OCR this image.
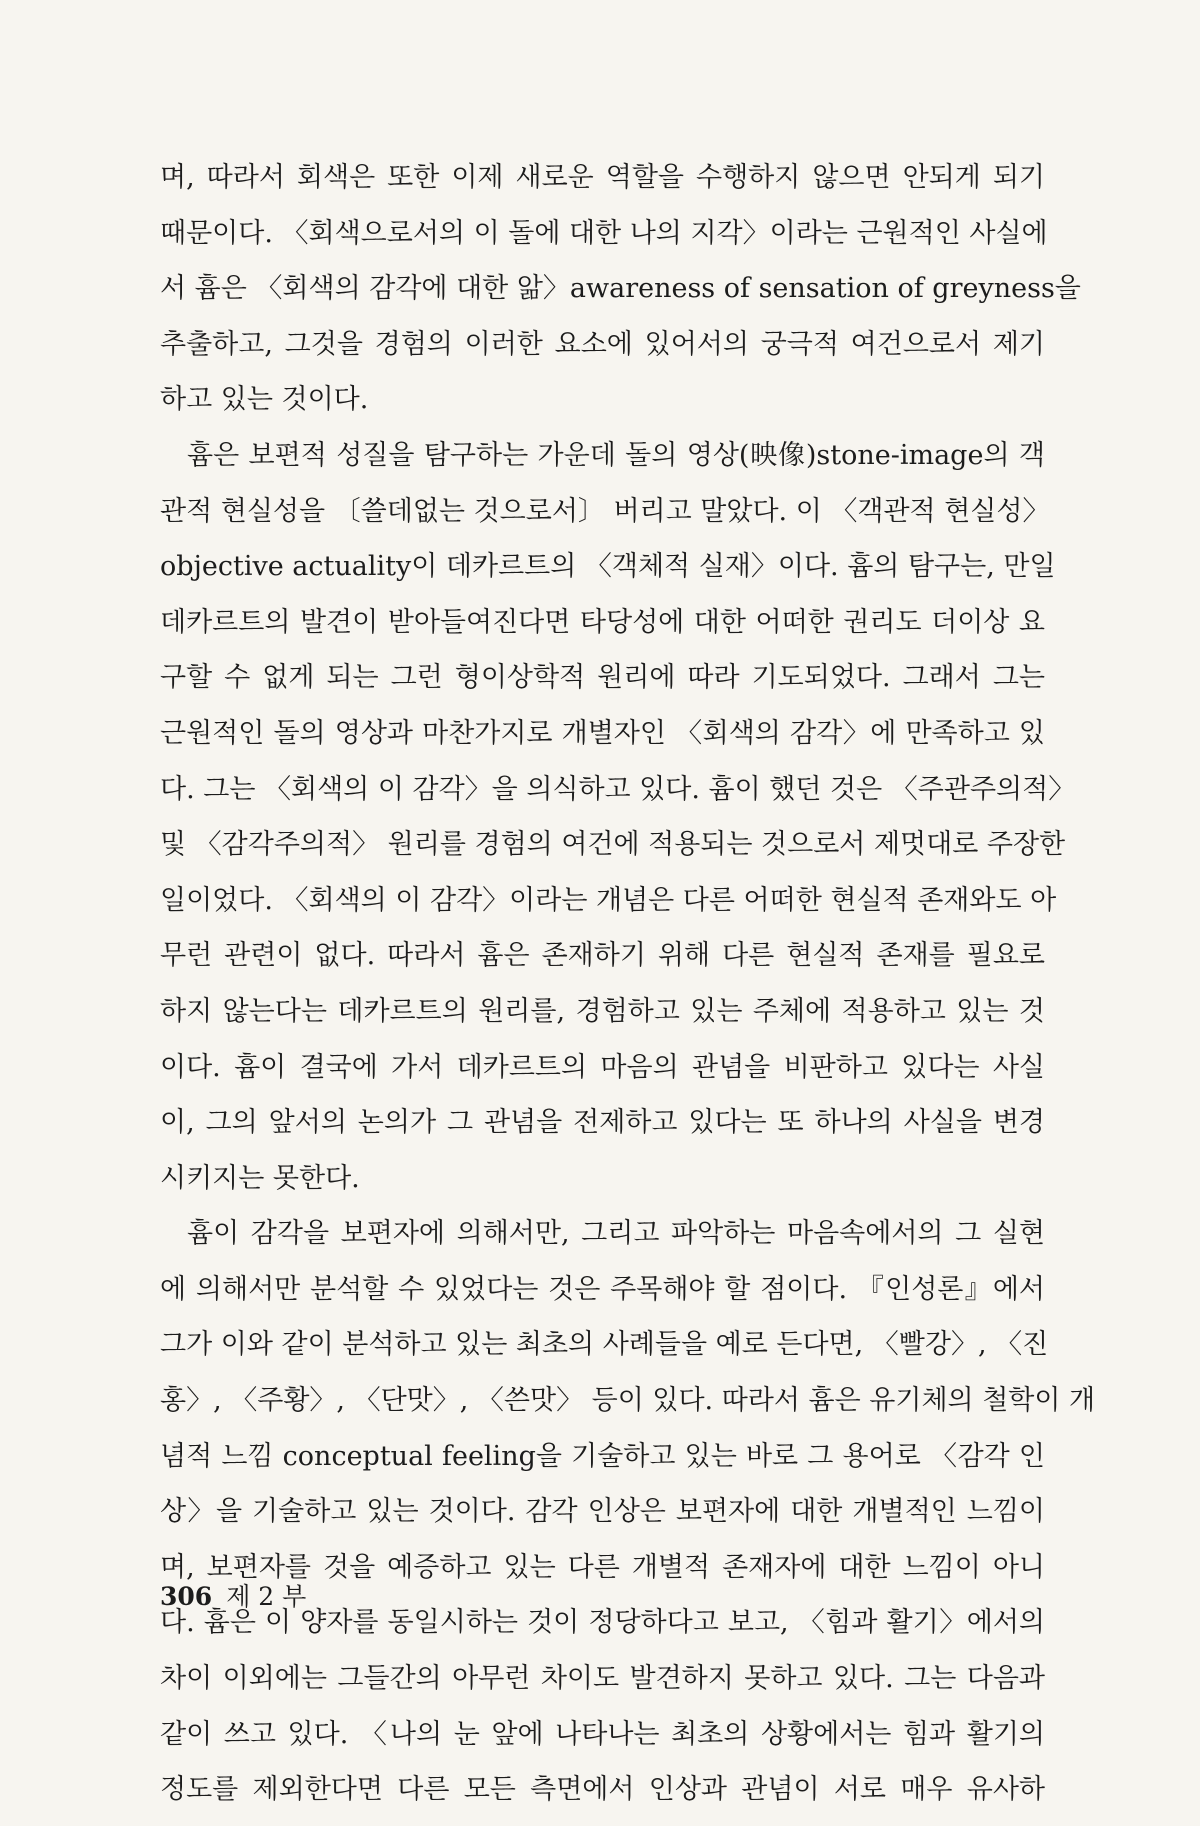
며, 따라서 회색은 또한 이제 새로운 역할을 수행하지 않으면 안되게 되기
때문이다. 〈회색으로서의 이 돌에 대한 나의 지각〉이라는 근원적인 사실에
서 흄은 〈회색의 감각에 대한 앎〉awareness of sensation of greyness을
추출하고, 그것을 경험의 이러한 요소에 있어서의 궁극적 여건으로서 제기
하고 있는 것이다.
흄은 보편적 성질을 탐구하는 가운데 돌의 영상(映像)stone-image의 객
관적 현실성을 〔쓸데없는 것으로서〕 버리고 말았다. 이 〈객관적 현실성〉
objective actuality이 데카르트의 〈객체적 실재〉이다. 흄의 탐구는, 만일
데카르트의 발견이 받아들여진다면 타당성에 대한 어떠한 권리도 더이상 요
구할 수 없게 되는 그런 형이상학적 원리에 따라 기도되었다. 그래서 그는
근원적인 돌의 영상과 마찬가지로 개별자인 〈회색의 감각〉에 만족하고 있
다. 그는 〈회색의 이 감각〉을 의식하고 있다. 흄이 했던 것은 〈주관주의적〉
및 〈감각주의적〉 원리를 경험의 여건에 적용되는 것으로서 제멋대로 주장한
일이었다. 〈회색의 이 감각〉이라는 개념은 다른 어떠한 현실적 존재와도 아
무런 관련이 없다. 따라서 흄은 존재하기 위해 다른 현실적 존재를 필요로
하지 않는다는 데카르트의 원리를, 경험하고 있는 주체에 적용하고 있는 것
이다. 흄이 결국에 가서 데카르트의 마음의 관념을 비판하고 있다는 사실
이, 그의 앞서의 논의가 그 관념을 전제하고 있다는 또 하나의 사실을 변경
시키지는 못한다.
흄이 감각을 보편자에 의해서만, 그리고 파악하는 마음속에서의 그 실현
에 의해서만 분석할 수 있었다는 것은 주목해야 할 점이다. 『인성론』에서
그가 이와 같이 분석하고 있는 최초의 사례들을 예로 든다면, 〈빨강〉, 〈진
홍〉, 〈주황〉, 〈단맛〉, 〈쓴맛〉 등이 있다. 따라서 흄은 유기체의 철학이 개
념적 느낌 conceptual feeling을 기술하고 있는 바로 그 용어로 〈감각 인
상〉을 기술하고 있는 것이다. 감각 인상은 보편자에 대한 개별적인 느낌이
며, 보편자를 것을 예증하고 있는 다른 개별적 존재자에 대한 느낌이 아니
다. 흄은 이 양자를 동일시하는 것이 정당하다고 보고, 〈힘과 활기〉에서의
차이 이외에는 그들간의 아무런 차이도 발견하지 못하고 있다. 그는 다음과
같이 쓰고 있다. 〈나의 눈 앞에 나타나는 최초의 상황에서는 힘과 활기의
정도를 제외한다면 다른 모든 측면에서 인상과 관념이 서로 매우 유사하
306 제 2 부
